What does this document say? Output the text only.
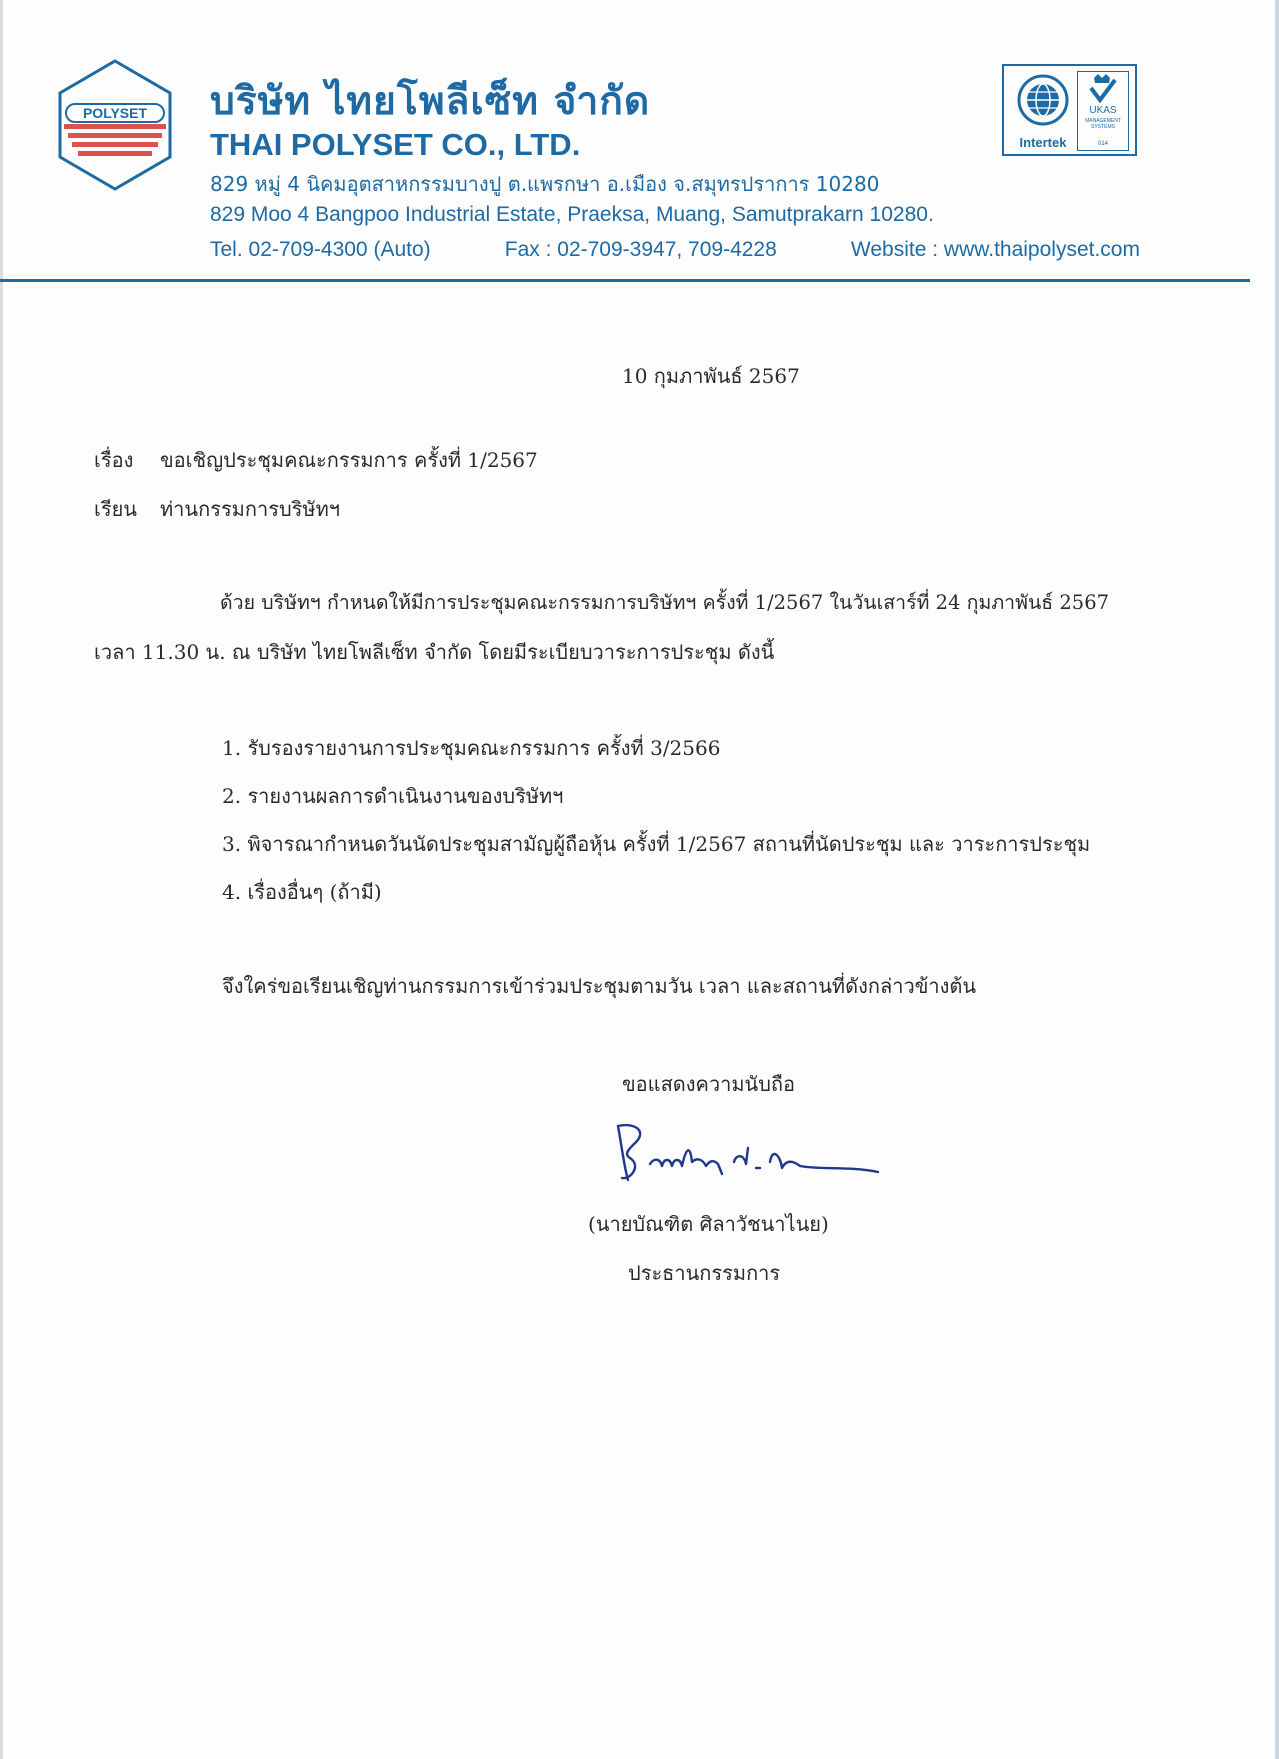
POLYSET บริษัท ไทยโพลีเซ็ท จำกัด
THAI POLYSET CO., LTD.

829 หมู่ 4 นิคมอุตสาหกรรมบางปู ต.แพรกษา อ.เมือง จ.สมุทรปราการ 10280

829 Moo 4 Bangpoo Industrial Estate, Praeksa, Muang, Samutprakarn 10280.

Tel. 02-709-4300 (Auto)	Fax : 02-709-3947, 709-4228	Website : www.thaipolyset.com
Intertek
UKAS
MANAGEMENT SYSTEMS
014

10 กุมภาพันธ์ 2567

เรื่อง ขอเชิญประชุมคณะกรรมการ ครั้งที่ 1/2567

เรียน ท่านกรรมการบริษัทฯ

ด้วย บริษัทฯ กำหนดให้มีการประชุมคณะกรรมการบริษัทฯ ครั้งที่ 1/2567 ในวันเสาร์ที่ 24 กุมภาพันธ์ 2567

เวลา 11.30 น. ณ บริษัท ไทยโพลีเซ็ท จำกัด โดยมีระเบียบวาระการประชุม ดังนี้

1. รับรองรายงานการประชุมคณะกรรมการ ครั้งที่ 3/2566

2. รายงานผลการดำเนินงานของบริษัทฯ

3. พิจารณากำหนดวันนัดประชุมสามัญผู้ถือหุ้น ครั้งที่ 1/2567 สถานที่นัดประชุม และ วาระการประชุม

4. เรื่องอื่นๆ (ถ้ามี)

จึงใคร่ขอเรียนเชิญท่านกรรมการเข้าร่วมประชุมตามวัน เวลา และสถานที่ดังกล่าวข้างต้น

ขอแสดงความนับถือ

(นายบัณฑิต ศิลาวัชนาไนย)

ประธานกรรมการ
